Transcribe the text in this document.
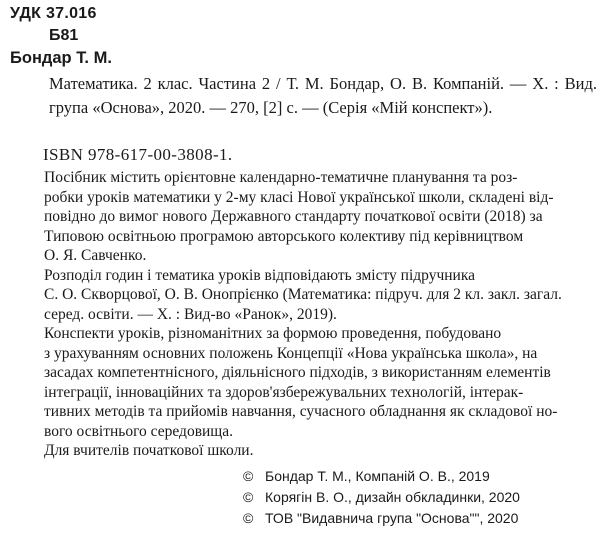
УДК 37.016
Б81
Бондар Т. М.
Математика. 2 клас. Частина 2 / Т. М. Бондар, О. В. Компаній. — Х. : Вид. група «Основа», 2020. — 270, [2] с. — (Серія «Мій конспект»).
ISBN 978-617-00-3808-1.

Посібник містить орієнтовне календарно-тематичне планування та роз-
робки уроків математики у 2-му класі Нової української школи, складені від-
повідно до вимог нового Державного стандарту початкової освіти (2018) за
Типовою освітньою програмою авторського колективу під керівництвом
О. Я. Савченко.

Розподіл годин і тематика уроків відповідають змісту підручника
С. О. Скворцової, О. В. Онопрієнко (Математика: підруч. для 2 кл. закл. загал.
серед. освіти. — Х. : Вид-во «Ранок», 2019).

Конспекти уроків, різноманітних за формою проведення, побудовано
з урахуванням основних положень Концепції «Нова українська школа», на
засадах компетентнісного, діяльнісного підходів, з використанням елементів
інтеграції, інноваційних та здоров'язбережувальних технологій, інтерак-
тивних методів та прийомів навчання, сучасного обладнання як складової но-
вого освітнього середовища.

Для вчителів початкової школи.

© Бондар Т. М., Компаній О. В., 2019
© Корягін В. О., дизайн обкладинки, 2020
© ТОВ "Видавнича група "Основа"", 2020
